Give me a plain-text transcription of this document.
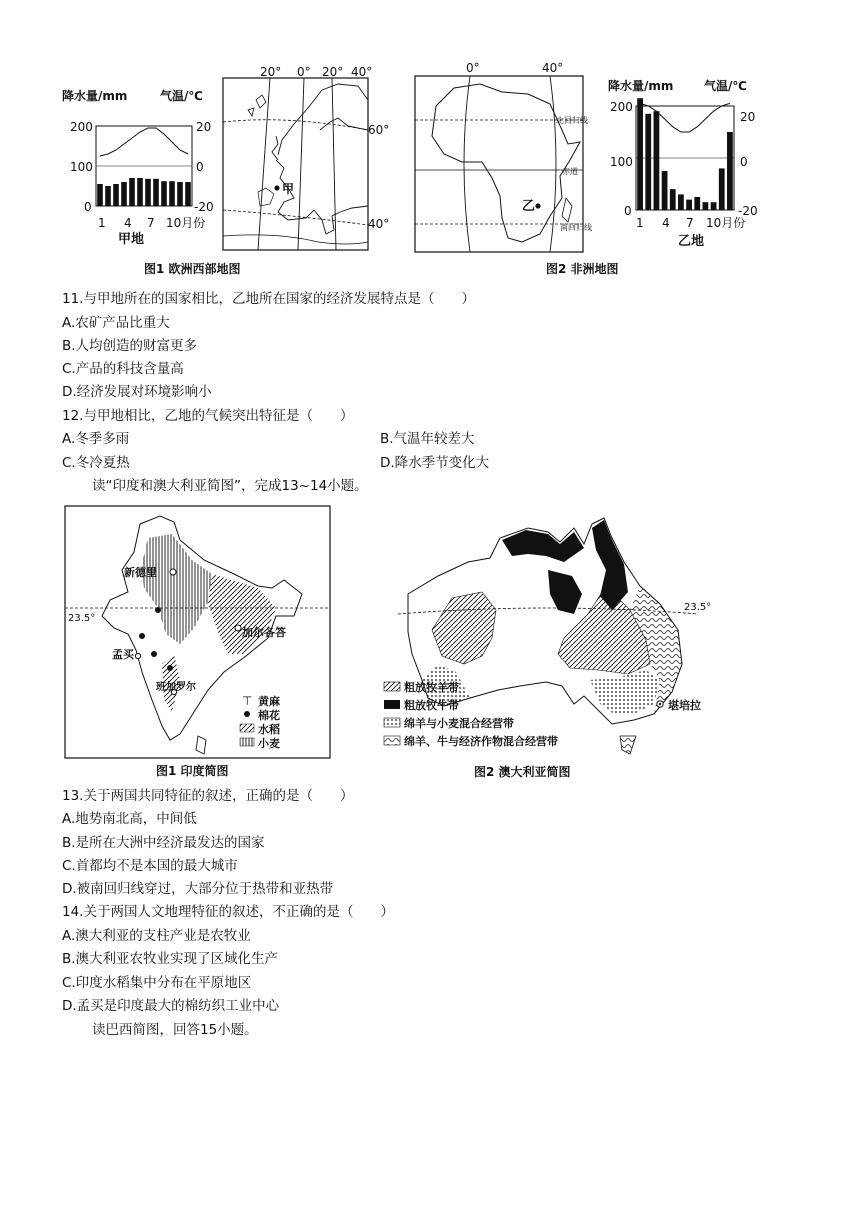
降水量/mm	气温/℃
200
100
0
20
0
-20
1 4 7 10月份
甲地
20° 0° 20° 40°
甲
60°
40°
图1 欧洲西部地图
0°	40°
北回归线
赤道
南回归线
乙
图2 非洲地图
降水量/mm	气温/℃
200
100
0
20
0
-20
1 4 7 10月份
乙地
11.与甲地所在的国家相比，乙地所在国家的经济发展特点是（　　）
A.农矿产品比重大
B.人均创造的财富更多
C.产品的科技含量高
D.经济发展对环境影响小
12.与甲地相比，乙地的气候突出特征是（　　）
A.冬季多雨	B.气温年较差大
C.冬冷夏热	D.降水季节变化大
读“印度和澳大利亚简图”，完成13~14小题。
23.5°
新德里
加尔各答
孟买
班加罗尔
⊤ 黄麻
棉花
水稻
小麦
图1 印度简图
23.5°
堪培拉
粗放牧羊带
粗放牧牛带
绵羊与小麦混合经营带
绵羊、牛与经济作物混合经营带
图2 澳大利亚简图
13.关于两国共同特征的叙述，正确的是（　　）
A.地势南北高，中间低
B.是所在大洲中经济最发达的国家
C.首都均不是本国的最大城市
D.被南回归线穿过，大部分位于热带和亚热带
14.关于两国人文地理特征的叙述，不正确的是（　　）
A.澳大利亚的支柱产业是农牧业
B.澳大利亚农牧业实现了区域化生产
C.印度水稻集中分布在平原地区
D.孟买是印度最大的棉纺织工业中心
读巴西简图，回答15小题。
